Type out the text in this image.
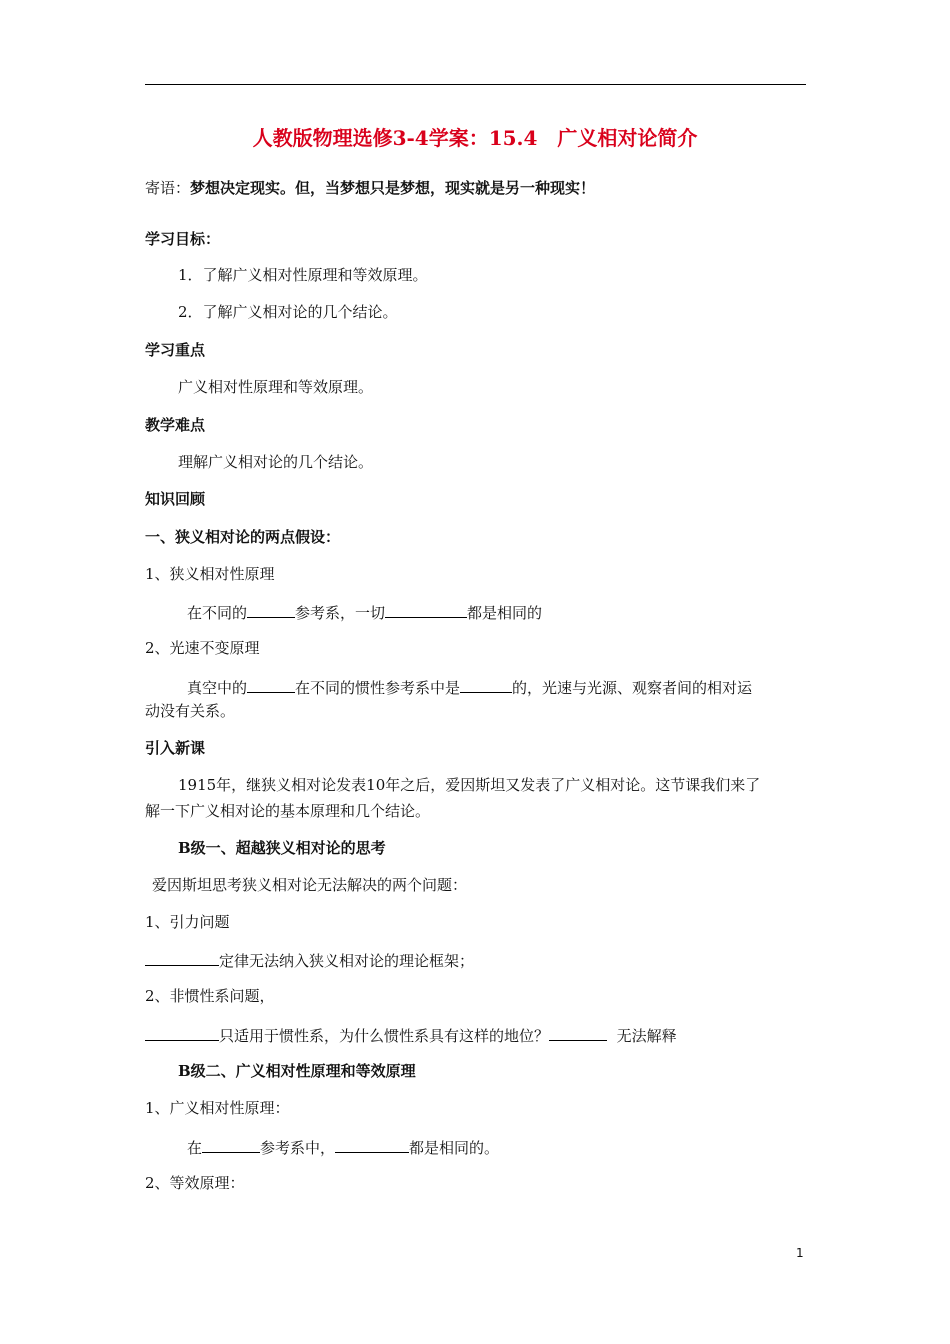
人教版物理选修3-4学案：15.4　广义相对论简介
寄语：梦想决定现实。但，当梦想只是梦想，现实就是另一种现实！
学习目标：
1．了解广义相对性原理和等效原理。
2．了解广义相对论的几个结论。
学习重点
广义相对性原理和等效原理。
教学难点
理解广义相对论的几个结论。
知识回顾
一、狭义相对论的两点假设：
1、狭义相对性原理
在不同的	参考系，一切	都是相同的
2、光速不变原理
真空中的	在不同的惯性参考系中是	的，光速与光源、观察者间的相对运
动没有关系。
引入新课
1915年，继狭义相对论发表10年之后，爱因斯坦又发表了广义相对论。这节课我们来了
解一下广义相对论的基本原理和几个结论。
B级一、超越狭义相对论的思考
爱因斯坦思考狭义相对论无法解决的两个问题：
1、引力问题
定律无法纳入狭义相对论的理论框架；
2、非惯性系问题，
只适用于惯性系，为什么惯性系具有这样的地位？	无法解释
B级二、广义相对性原理和等效原理
1、广义相对性原理：
在	参考系中，	都是相同的。
2、等效原理：
1
